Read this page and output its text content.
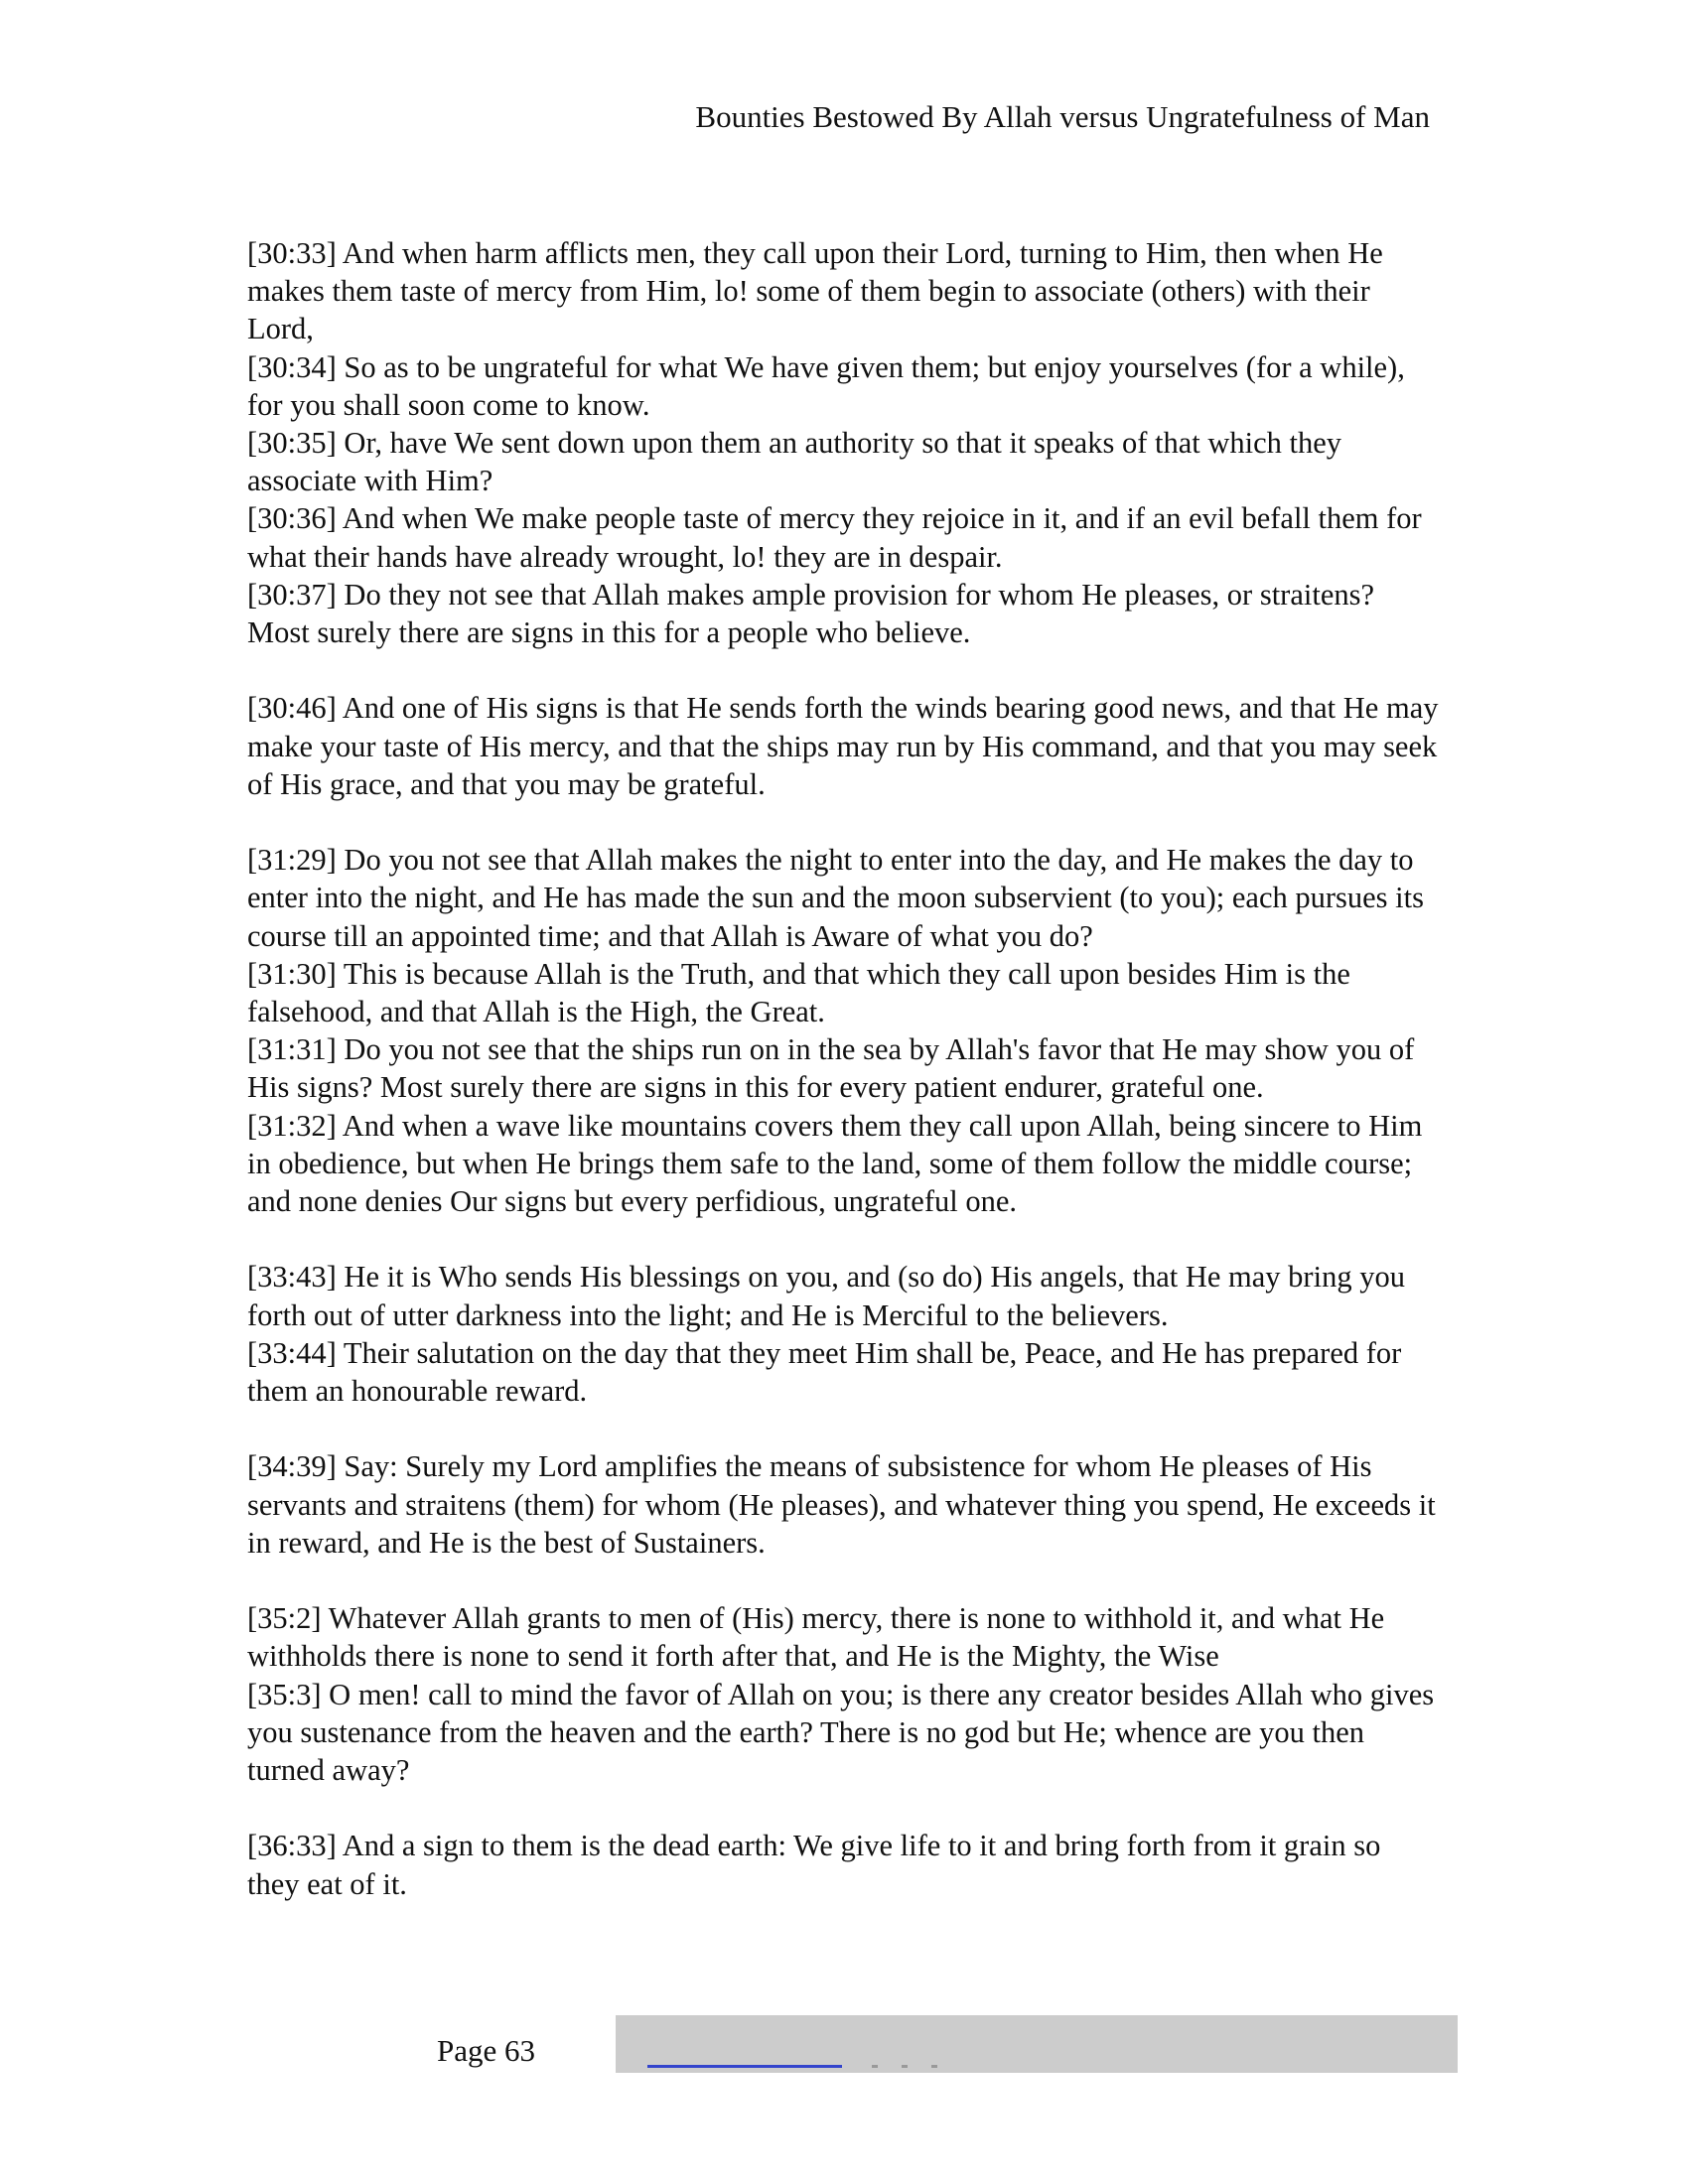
Bounties Bestowed By Allah versus Ungratefulness of Man

[30:33] And when harm afflicts men, they call upon their Lord, turning to Him, then when He makes them taste of mercy from Him, lo! some of them begin to associate (others) with their Lord,

[30:34] So as to be ungrateful for what We have given them; but enjoy yourselves (for a while), for you shall soon come to know.

[30:35] Or, have We sent down upon them an authority so that it speaks of that which they associate with Him?

[30:36] And when We make people taste of mercy they rejoice in it, and if an evil befall them for what their hands have already wrought, lo! they are in despair.

[30:37] Do they not see that Allah makes ample provision for whom He pleases, or straitens? Most surely there are signs in this for a people who believe.

[30:46] And one of His signs is that He sends forth the winds bearing good news, and that He may make your taste of His mercy, and that the ships may run by His command, and that you may seek of His grace, and that you may be grateful.

[31:29] Do you not see that Allah makes the night to enter into the day, and He makes the day to enter into the night, and He has made the sun and the moon subservient (to you); each pursues its course till an appointed time; and that Allah is Aware of what you do?

[31:30] This is because Allah is the Truth, and that which they call upon besides Him is the falsehood, and that Allah is the High, the Great.

[31:31] Do you not see that the ships run on in the sea by Allah's favor that He may show you of His signs? Most surely there are signs in this for every patient endurer, grateful one.

[31:32] And when a wave like mountains covers them they call upon Allah, being sincere to Him in obedience, but when He brings them safe to the land, some of them follow the middle course; and none denies Our signs but every perfidious, ungrateful one.

[33:43] He it is Who sends His blessings on you, and (so do) His angels, that He may bring you forth out of utter darkness into the light; and He is Merciful to the believers.

[33:44] Their salutation on the day that they meet Him shall be, Peace, and He has prepared for them an honourable reward.

[34:39] Say: Surely my Lord amplifies the means of subsistence for whom He pleases of His servants and straitens (them) for whom (He pleases), and whatever thing you spend, He exceeds it in reward, and He is the best of Sustainers.

[35:2] Whatever Allah grants to men of (His) mercy, there is none to withhold it, and what He withholds there is none to send it forth after that, and He is the Mighty, the Wise

[35:3] O men! call to mind the favor of Allah on you; is there any creator besides Allah who gives you sustenance from the heaven and the earth? There is no god but He; whence are you then turned away?

[36:33] And a sign to them is the dead earth: We give life to it and bring forth from it grain so they eat of it.

Page 63
